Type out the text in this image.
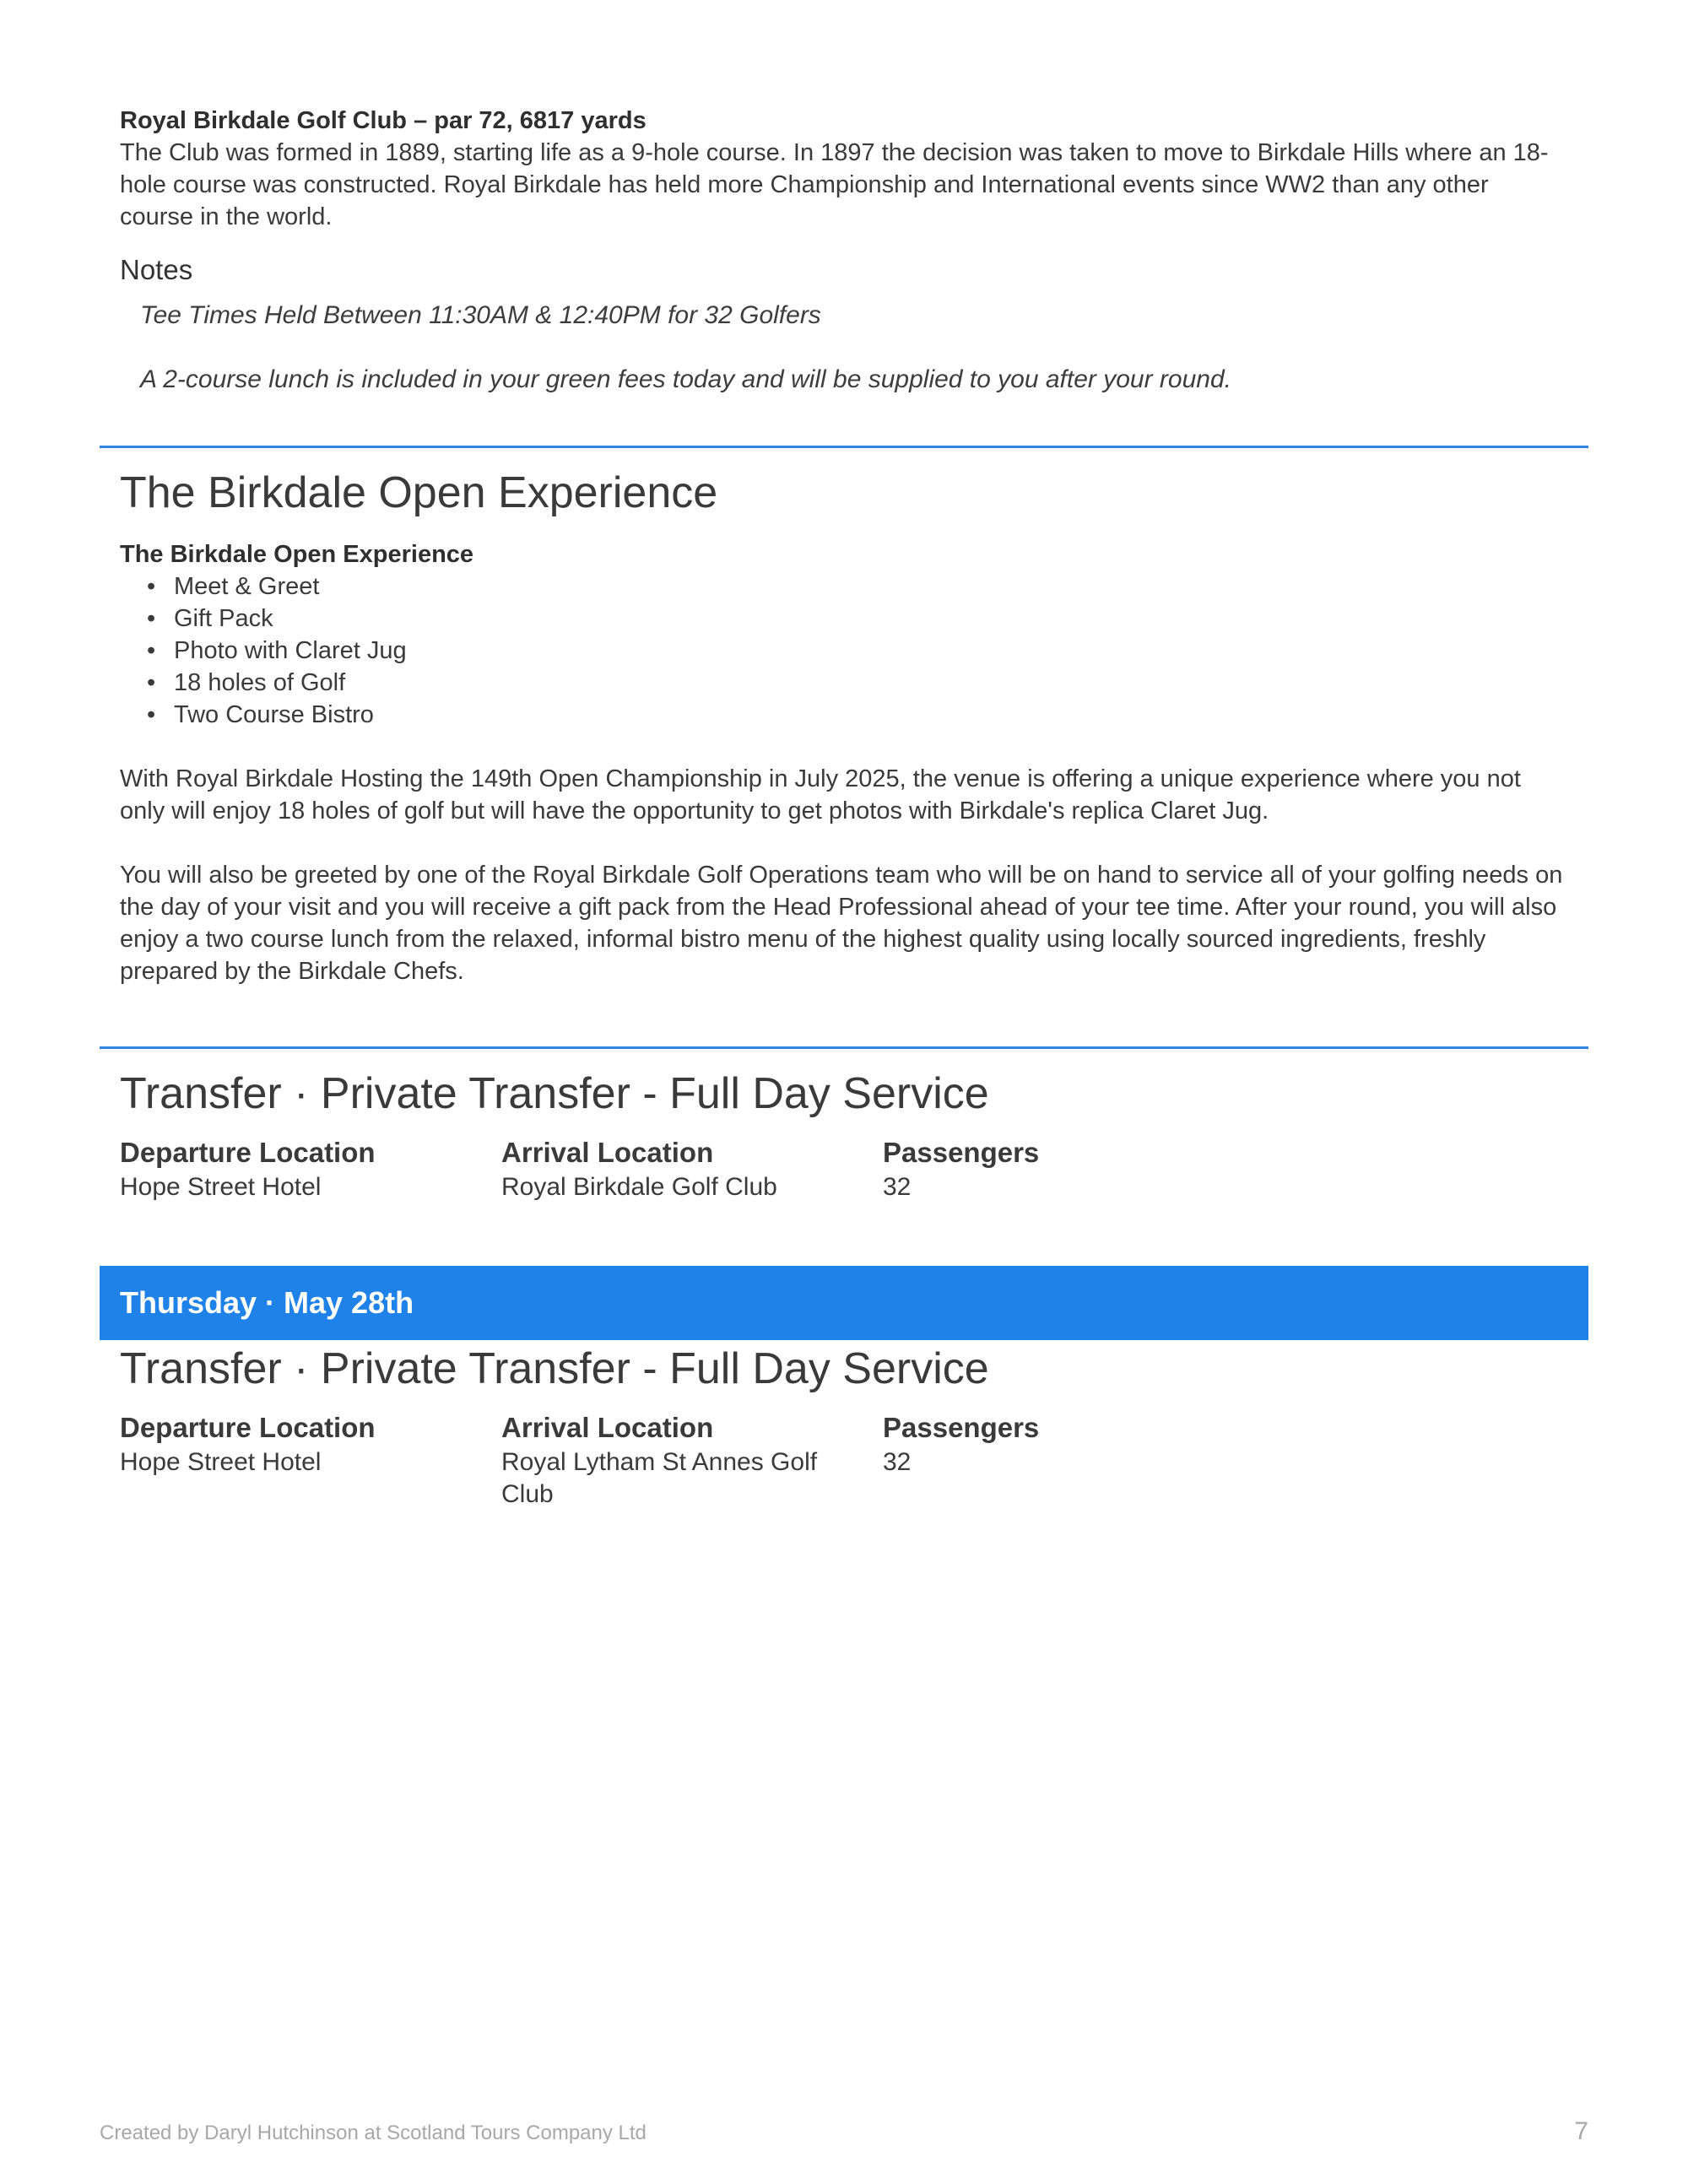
Royal Birkdale Golf Club – par 72, 6817 yards

The Club was formed in 1889, starting life as a 9-hole course. In 1897 the decision was taken to move to Birkdale Hills where an 18-hole course was constructed. Royal Birkdale has held more Championship and International events since WW2 than any other course in the world.

Notes

Tee Times Held Between 11:30AM & 12:40PM for 32 Golfers

A 2-course lunch is included in your green fees today and will be supplied to you after your round.

The Birkdale Open Experience

The Birkdale Open Experience

• Meet & Greet
• Gift Pack
• Photo with Claret Jug
• 18 holes of Golf
• Two Course Bistro

With Royal Birkdale Hosting the 149th Open Championship in July 2025, the venue is offering a unique experience where you not only will enjoy 18 holes of golf but will have the opportunity to get photos with Birkdale's replica Claret Jug.

You will also be greeted by one of the Royal Birkdale Golf Operations team who will be on hand to service all of your golfing needs on the day of your visit and you will receive a gift pack from the Head Professional ahead of your tee time. After your round, you will also enjoy a two course lunch from the relaxed, informal bistro menu of the highest quality using locally sourced ingredients, freshly prepared by the Birkdale Chefs.

Transfer · Private Transfer - Full Day Service
Departure Location
Hope Street Hotel
Arrival Location
Royal Birkdale Golf Club
Passengers
32
Thursday · May 28th
Transfer · Private Transfer - Full Day Service
Departure Location
Hope Street Hotel
Arrival Location
Royal Lytham St Annes Golf Club
Passengers
32
Created by Daryl Hutchinson at Scotland Tours Company Ltd	7
